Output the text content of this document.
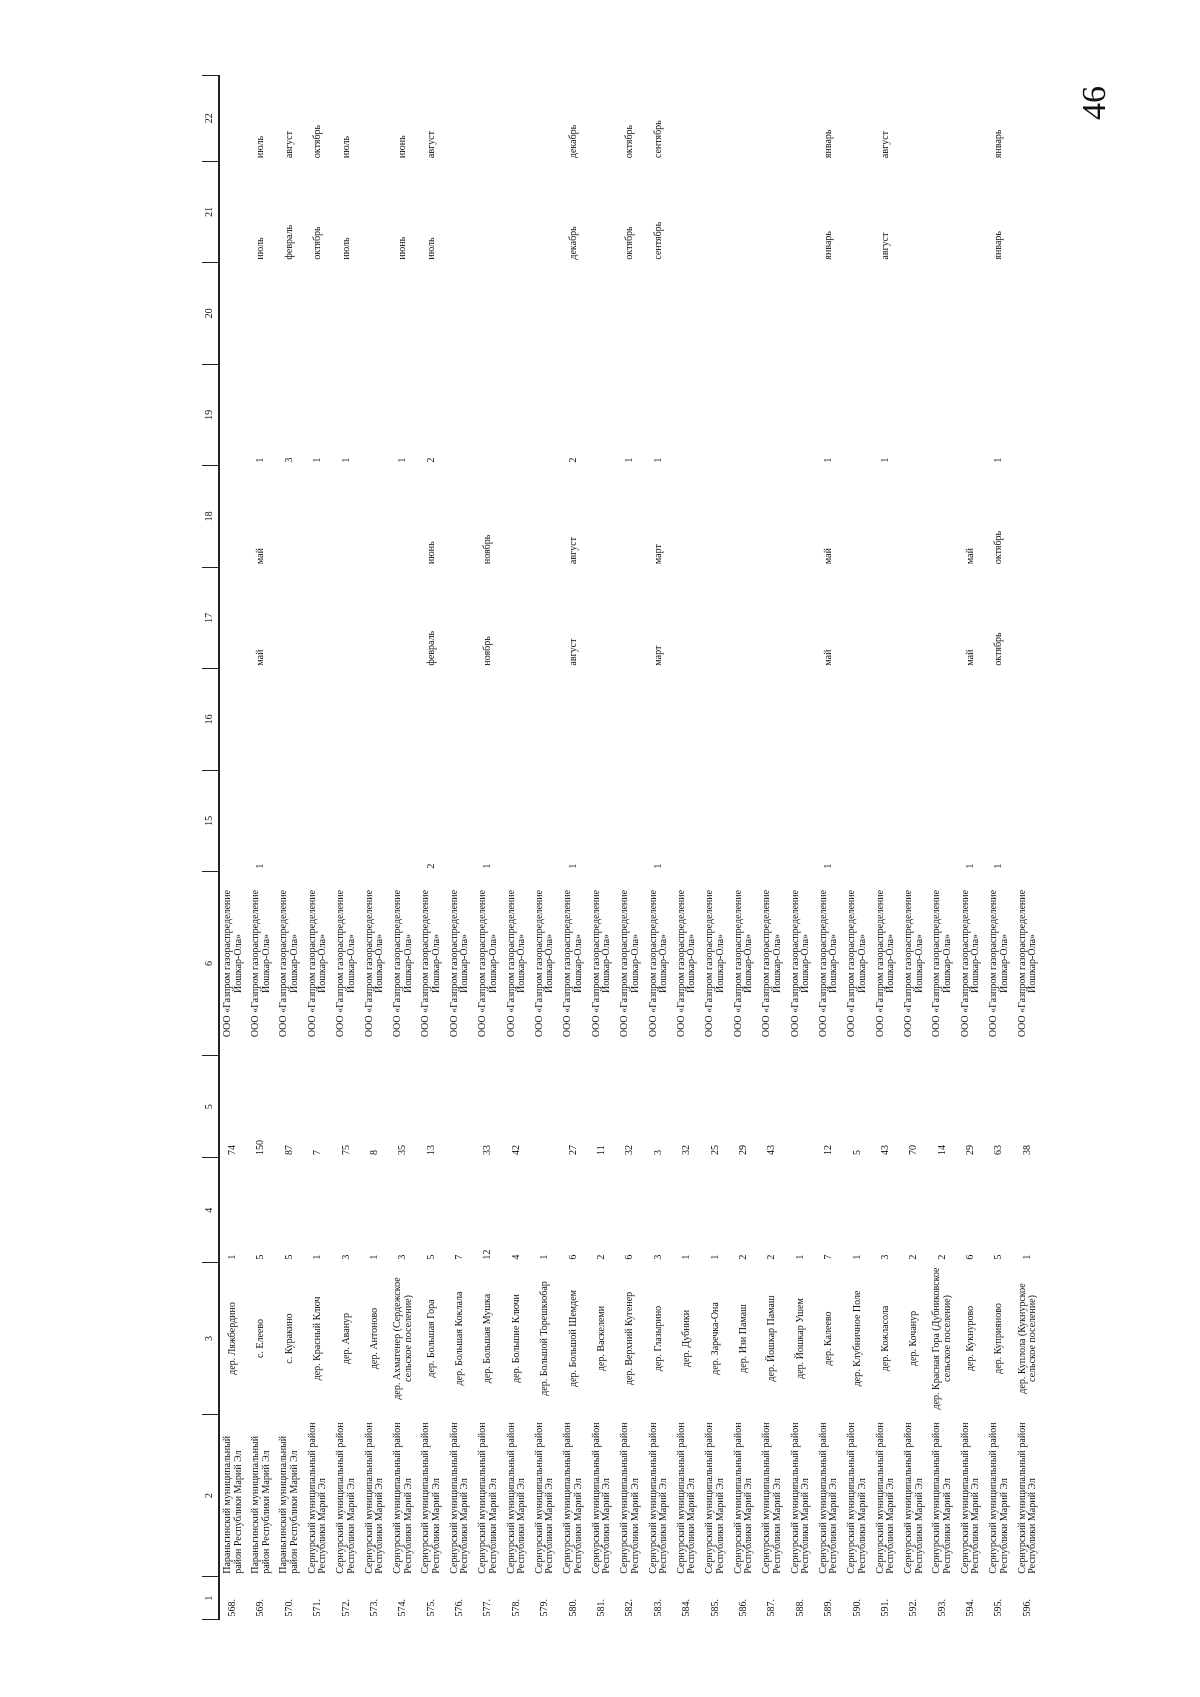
46
1	2	3	4	5	6	15	16	17	18	19	20	21	22
568.	Параньгинский муниципальный район Республики Марий Эл	дер. Ляжбердино	1	74	ООО «Газпром газораспределение Йошкар-Ола»								
569.	Параньгинский муниципальный район Республики Марий Эл	с. Елеево	5	150	ООО «Газпром газораспределение Йошкар-Ола»	1		май	май	1		июль	июль
570.	Параньгинский муниципальный район Республики Марий Эл	с. Куракино	5	87	ООО «Газпром газораспределение Йошкар-Ола»					3		февраль	август
571.	Сернурский муниципальный район Республики Марий Эл	дер. Красный Ключ	1	7	ООО «Газпром газораспределение Йошкар-Ола»					1		октябрь	октябрь
572.	Сернурский муниципальный район Республики Марий Эл	дер. Аванур	3	75	ООО «Газпром газораспределение Йошкар-Ола»					1		июль	июль
573.	Сернурский муниципальный район Республики Марий Эл	дер. Антоново	1	8	ООО «Газпром газораспределение Йошкар-Ола»								
574.	Сернурский муниципальный район Республики Марий Эл	дер. Ахматенер (Сердежское сельское поселение)	3	35	ООО «Газпром газораспределение Йошкар-Ола»					1		июнь	июнь
575.	Сернурский муниципальный район Республики Марий Эл	дер. Большая Гора	5	13	ООО «Газпром газораспределение Йошкар-Ола»	2		февраль	июнь	2		июль	август
576.	Сернурский муниципальный район Республики Марий Эл	дер. Большая Коклала	7		ООО «Газпром газораспределение Йошкар-Ола»								
577.	Сернурский муниципальный район Республики Марий Эл	дер. Большая Мушка	12	33	ООО «Газпром газораспределение Йошкар-Ола»	1		ноябрь	ноябрь				
578.	Сернурский муниципальный район Республики Марий Эл	дер. Большие Ключи	4	42	ООО «Газпром газораспределение Йошкар-Ола»								
579.	Сернурский муниципальный район Республики Марий Эл	дер. Большой Торешкюбар	1		ООО «Газпром газораспределение Йошкар-Ола»								
580.	Сернурский муниципальный район Республики Марий Эл	дер. Большой Шемдем	6	27	ООО «Газпром газораспределение Йошкар-Ола»	1		август	август	2		декабрь	декабрь
581.	Сернурский муниципальный район Республики Марий Эл	дер. Васкелеми	2	11	ООО «Газпром газораспределение Йошкар-Ола»								
582.	Сернурский муниципальный район Республики Марий Эл	дер. Верхний Кугенер	6	32	ООО «Газпром газораспределение Йошкар-Ола»					1		октябрь	октябрь
583.	Сернурский муниципальный район Республики Марий Эл	дер. Глазырино	3	3	ООО «Газпром газораспределение Йошкар-Ола»	1		март	март	1		сентябрь	сентябрь
584.	Сернурский муниципальный район Республики Марий Эл	дер. Дубники	1	32	ООО «Газпром газораспределение Йошкар-Ола»								
585.	Сернурский муниципальный район Республики Марий Эл	дер. Заречка-Она	1	25	ООО «Газпром газораспределение Йошкар-Ола»								
586.	Сернурский муниципальный район Республики Марий Эл	дер. Изи Памаш	2	29	ООО «Газпром газораспределение Йошкар-Ола»								
587.	Сернурский муниципальный район Республики Марий Эл	дер. Йошкар Памаш	2	43	ООО «Газпром газораспределение Йошкар-Ола»								
588.	Сернурский муниципальный район Республики Марий Эл	дер. Йошкар Ушем	1		ООО «Газпром газораспределение Йошкар-Ола»								
589.	Сернурский муниципальный район Республики Марий Эл	дер. Калеево	7	12	ООО «Газпром газораспределение Йошкар-Ола»	1		май	май	1		январь	январь
590.	Сернурский муниципальный район Республики Марий Эл	дер. Клубничное Поле	1	5	ООО «Газпром газораспределение Йошкар-Ола»								
591.	Сернурский муниципальный район Республики Марий Эл	дер. Кожласола	3	43	ООО «Газпром газораспределение Йошкар-Ола»					1		август	август
592.	Сернурский муниципальный район Республики Марий Эл	дер. Кочанур	2	70	ООО «Газпром газораспределение Йошкар-Ола»								
593.	Сернурский муниципальный район Республики Марий Эл	дер. Красная Гора (Дубниковское сельское поселение)	2	14	ООО «Газпром газораспределение Йошкар-Ола»								
594.	Сернурский муниципальный район Республики Марий Эл	дер. Кукнурово	6	29	ООО «Газпром газораспределение Йошкар-Ола»	1		май	май				
595.	Сернурский муниципальный район Республики Марий Эл	дер. Куприяново	5	63	ООО «Газпром газораспределение Йошкар-Ола»	1		октябрь	октябрь	1		январь	январь
596.	Сернурский муниципальный район Республики Марий Эл	дер. Куплола (Кукнурское сельское поселение)	1	38	ООО «Газпром газораспределение Йошкар-Ола»								
